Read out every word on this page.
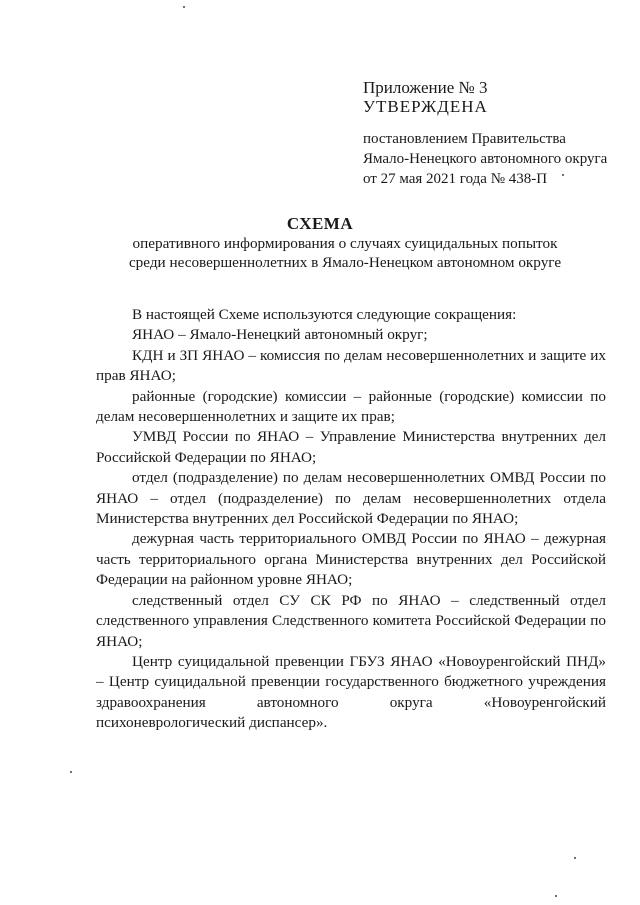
Приложение № 3

УТВЕРЖДЕНА

постановлением Правительства

Ямало-Ненецкого автономного округа

от 27 мая 2021 года № 438-П

СХЕМА

оперативного информирования о случаях суицидальных попыток

среди несовершеннолетних в Ямало-Ненецком автономном округе

В настоящей Схеме используются следующие сокращения:

ЯНАО – Ямало-Ненецкий автономный округ;

КДН и ЗП ЯНАО – комиссия по делам несовершеннолетних и защите их прав ЯНАО;

районные (городские) комиссии – районные (городские) комиссии по делам несовершеннолетних и защите их прав;

УМВД России по ЯНАО – Управление Министерства внутренних дел Российской Федерации по ЯНАО;

отдел (подразделение) по делам несовершеннолетних ОМВД России по ЯНАО – отдел (подразделение) по делам несовершеннолетних отдела Министерства внутренних дел Российской Федерации по ЯНАО;

дежурная часть территориального ОМВД России по ЯНАО – дежурная часть территориального органа Министерства внутренних дел Российской Федерации на районном уровне ЯНАО;

следственный отдел СУ СК РФ по ЯНАО – следственный отдел следственного управления Следственного комитета Российской Федерации по ЯНАО;

Центр суицидальной превенции ГБУЗ ЯНАО «Новоуренгойский ПНД» – Центр суицидальной превенции государственного бюджетного учреждения здравоохранения автономного округа «Новоуренгойский психоневрологический диспансер».
